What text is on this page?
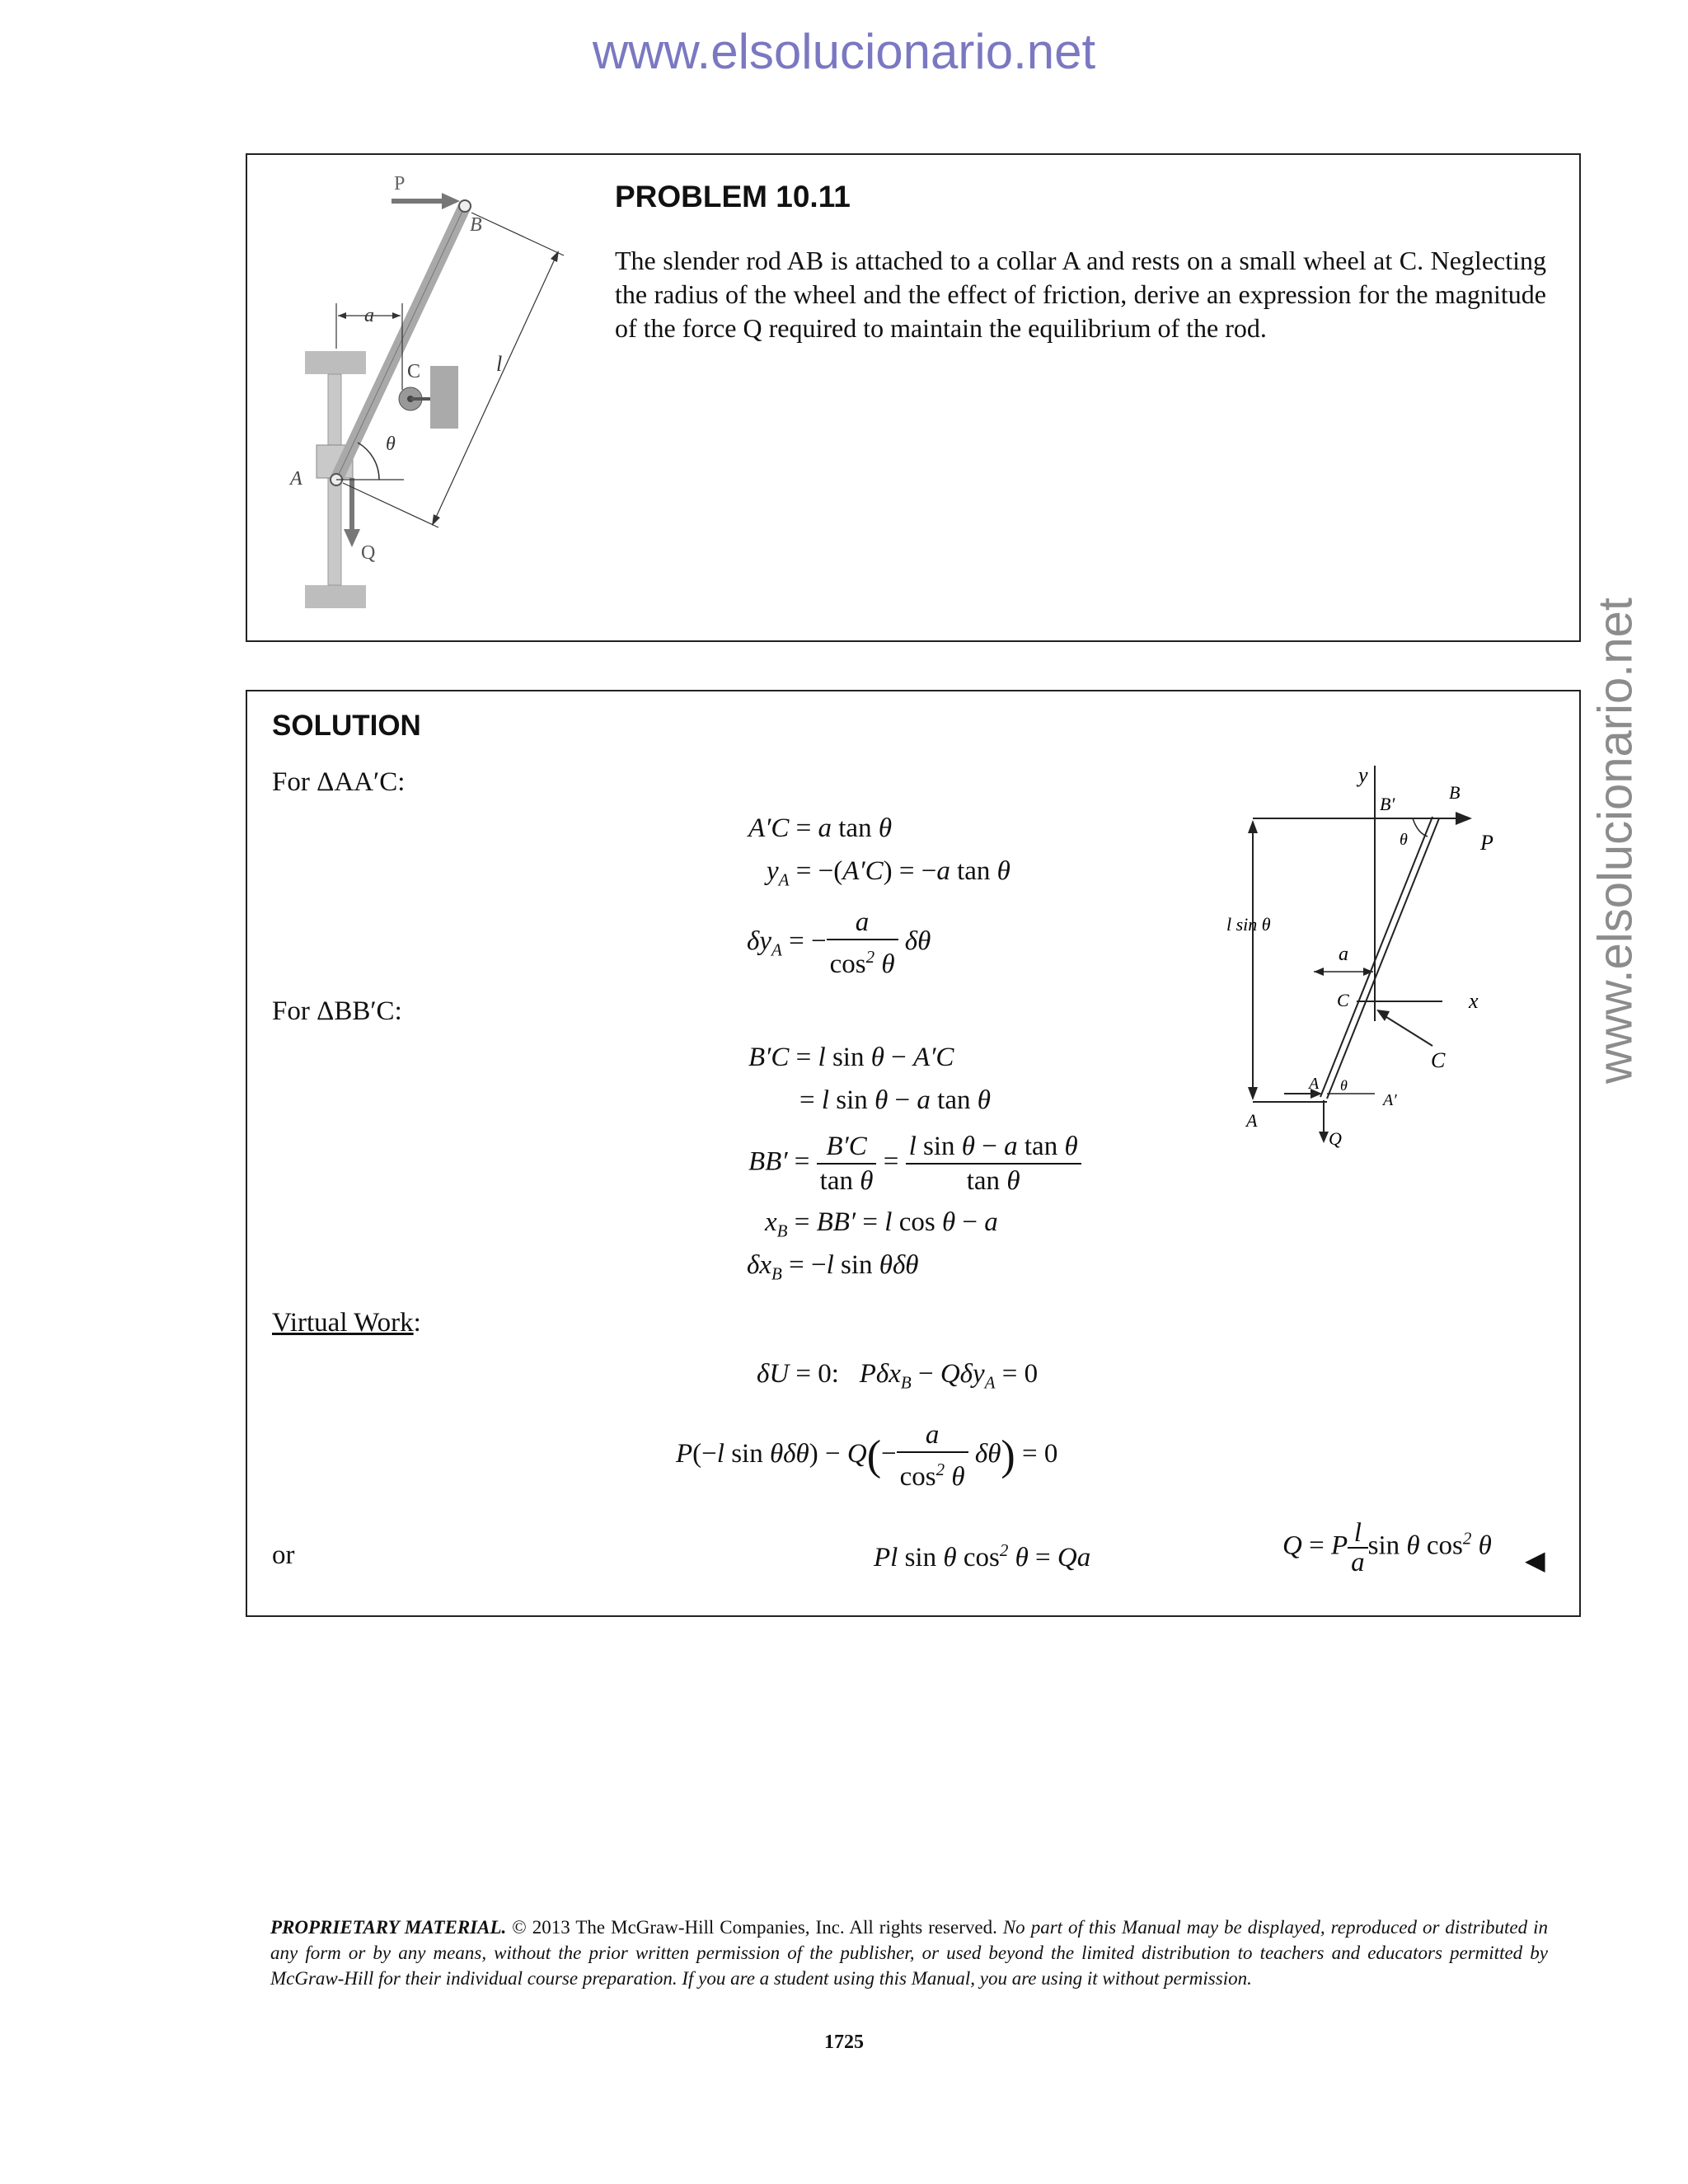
www.elsolucionario.net
www.elsolucionario.net
P
B
a
C	l
θ
A
Q
PROBLEM 10.11
The slender rod AB is attached to a collar A and rests on a small wheel at C. Neglecting the radius of the wheel and the effect of friction, derive an expression for the magnitude of the force Q required to maintain the equilibrium of the rod.
SOLUTION
For ΔAA′C:
A′C = a tan θ
$y_A = -(A'C) = -a$ tan θ
$\delta y_A$ = − $\frac{a}{\cos^2 \theta}$ δθ
For ΔBB′C:
B′C = l sin θ − A′C
= l sin θ − a tan θ
$BB' = \frac{B'C}{\text{tan θ}} = \frac{\text{l sin θ − a tan θ}}{\text{tan θ}}$
$x_B = BB' = l$ cos θ − a
$\delta x_B = -l$ sin θδθ
Virtual Work:
δU = 0:   Pδx$_B$ − Qδy$_A$ = 0
P(−l $\sin \theta\delta\theta) - Q(- \frac{a}{\cos^2 \theta} \delta\theta) = 0$
or	Pl sin θ $\cos^2 \theta = Qa$	Q = P $\frac{l}{a}$ sin θ $\cos^2 \theta$ ◀
y
B′
B
θ	P
l sin θ
a
C	x
C
A θ
A′
A
Q
PROPRIETARY MATERIAL. © 2013 The McGraw-Hill Companies, Inc. All rights reserved. No part of this Manual may be displayed, reproduced or distributed in any form or by any means, without the prior written permission of the publisher, or used beyond the limited distribution to teachers and educators permitted by McGraw-Hill for their individual course preparation. If you are a student using this Manual, you are using it without permission.
1725
